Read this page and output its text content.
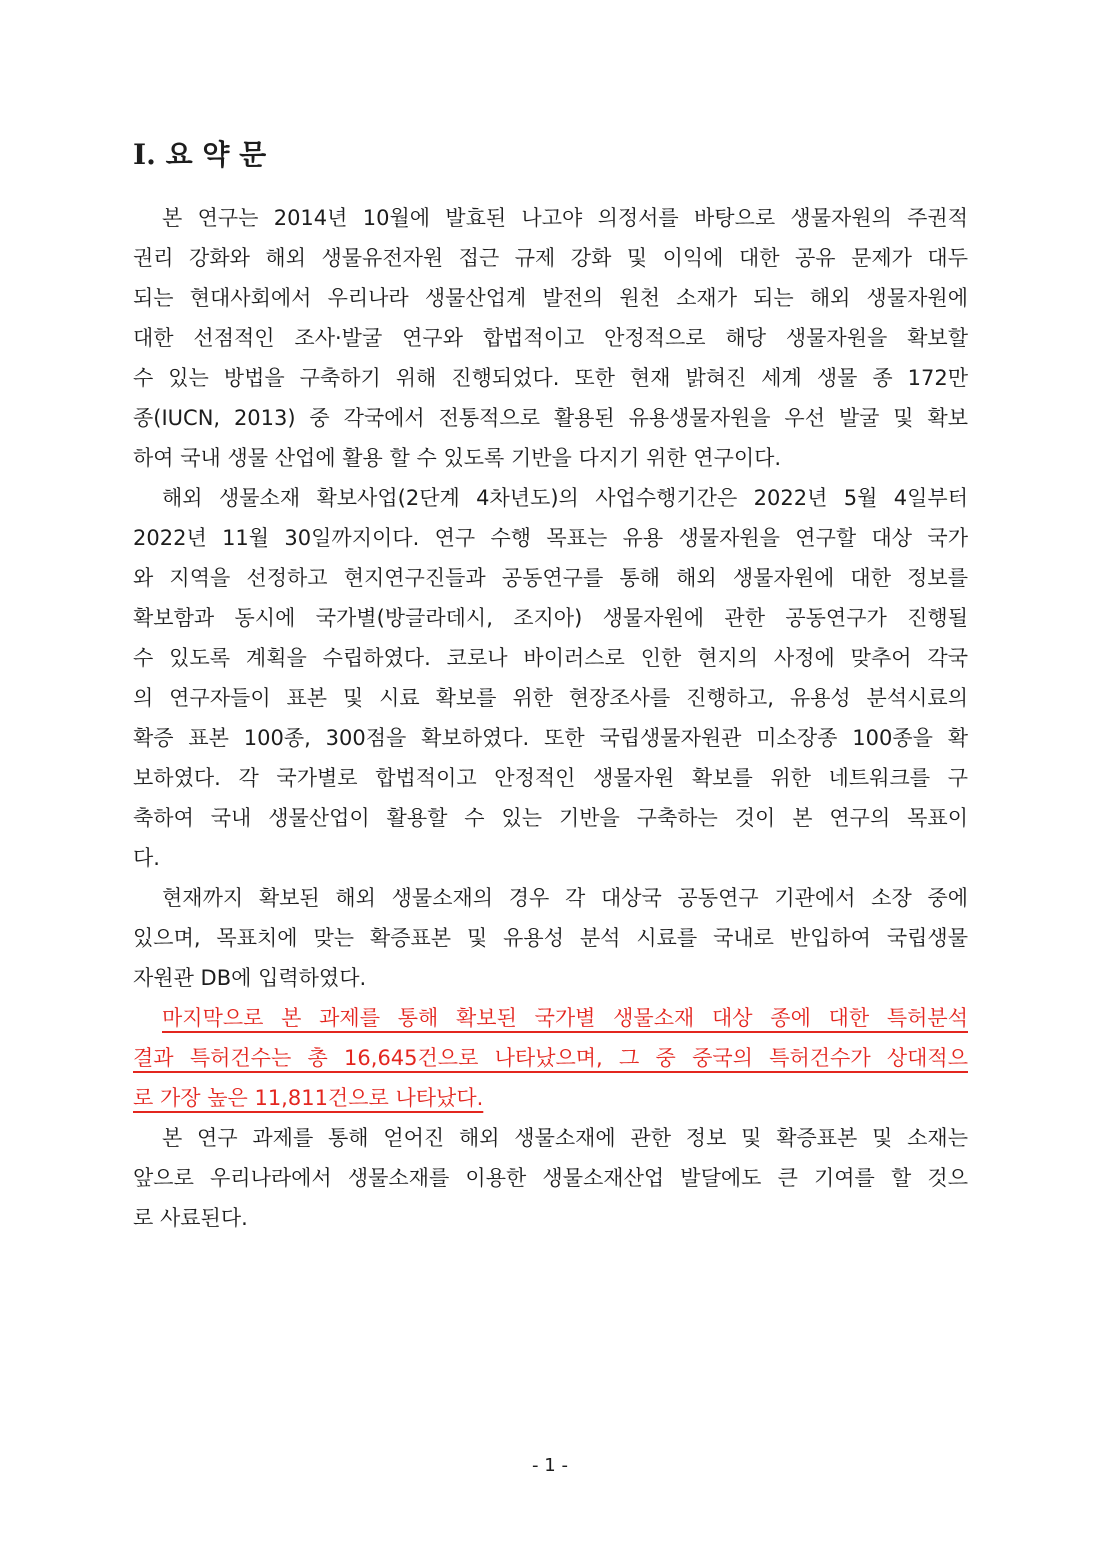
I. 요 약 문
본 연구는 2014년 10월에 발효된 나고야 의정서를 바탕으로 생물자원의 주권적
권리 강화와 해외 생물유전자원 접근 규제 강화 및 이익에 대한 공유 문제가 대두
되는 현대사회에서 우리나라 생물산업계 발전의 원천 소재가 되는 해외 생물자원에
대한 선점적인 조사·발굴 연구와 합법적이고 안정적으로 해당 생물자원을 확보할
수 있는 방법을 구축하기 위해 진행되었다. 또한 현재 밝혀진 세계 생물 종 172만
종(IUCN, 2013) 중 각국에서 전통적으로 활용된 유용생물자원을 우선 발굴 및 확보
하여 국내 생물 산업에 활용 할 수 있도록 기반을 다지기 위한 연구이다.
해외 생물소재 확보사업(2단계 4차년도)의 사업수행기간은 2022년 5월 4일부터
2022년 11월 30일까지이다. 연구 수행 목표는 유용 생물자원을 연구할 대상 국가
와 지역을 선정하고 현지연구진들과 공동연구를 통해 해외 생물자원에 대한 정보를
확보함과 동시에 국가별(방글라데시, 조지아) 생물자원에 관한 공동연구가 진행될
수 있도록 계획을 수립하였다. 코로나 바이러스로 인한 현지의 사정에 맞추어 각국
의 연구자들이 표본 및 시료 확보를 위한 현장조사를 진행하고, 유용성 분석시료의
확증 표본 100종, 300점을 확보하였다. 또한 국립생물자원관 미소장종 100종을 확
보하였다. 각 국가별로 합법적이고 안정적인 생물자원 확보를 위한 네트워크를 구
축하여 국내 생물산업이 활용할 수 있는 기반을 구축하는 것이 본 연구의 목표이
다.
현재까지 확보된 해외 생물소재의 경우 각 대상국 공동연구 기관에서 소장 중에
있으며, 목표치에 맞는 확증표본 및 유용성 분석 시료를 국내로 반입하여 국립생물
자원관 DB에 입력하였다.
마지막으로 본 과제를 통해 확보된 국가별 생물소재 대상 종에 대한 특허분석
결과 특허건수는 총 16,645건으로 나타났으며, 그 중 중국의 특허건수가 상대적으
로 가장 높은 11,811건으로 나타났다.
본 연구 과제를 통해 얻어진 해외 생물소재에 관한 정보 및 확증표본 및 소재는
앞으로 우리나라에서 생물소재를 이용한 생물소재산업 발달에도 큰 기여를 할 것으
로 사료된다.
- 1 -
